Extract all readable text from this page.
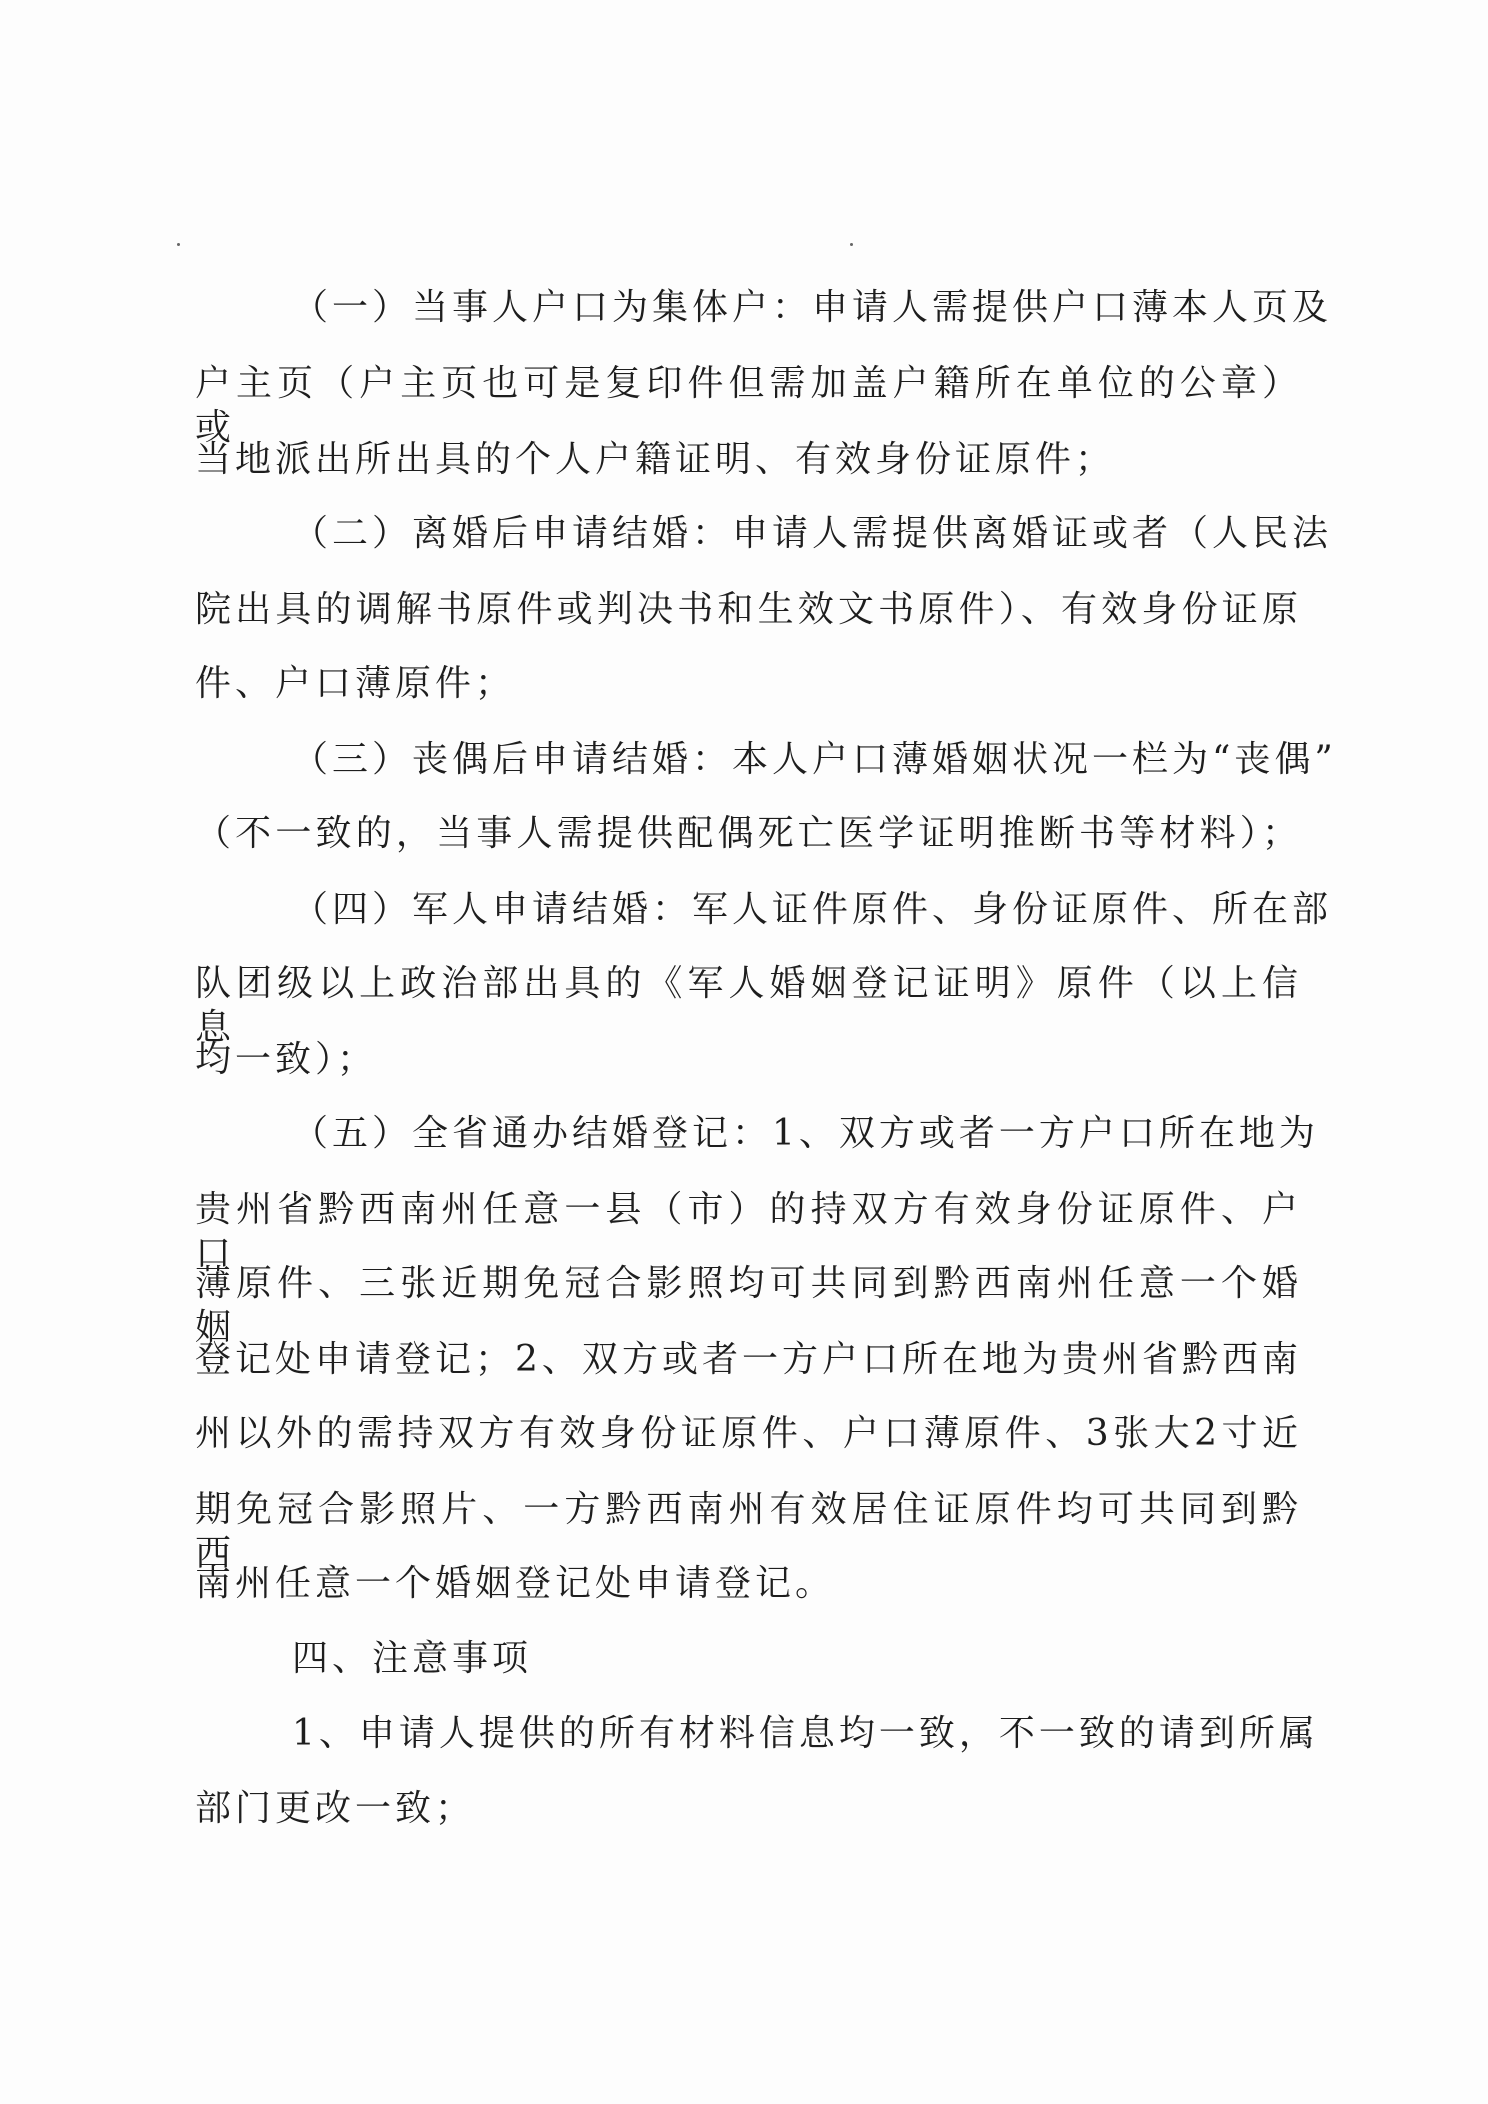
（一）当事人户口为集体户：申请人需提供户口薄本人页及
户主页（户主页也可是复印件但需加盖户籍所在单位的公章）或
当地派出所出具的个人户籍证明、有效身份证原件；
（二）离婚后申请结婚：申请人需提供离婚证或者（人民法
院出具的调解书原件或判决书和生效文书原件）、有效身份证原
件、户口薄原件；
（三）丧偶后申请结婚：本人户口薄婚姻状况一栏为“丧偶”
（不一致的，当事人需提供配偶死亡医学证明推断书等材料）；
（四）军人申请结婚：军人证件原件、身份证原件、所在部
队团级以上政治部出具的《军人婚姻登记证明》原件（以上信息
均一致）；
（五）全省通办结婚登记：1、双方或者一方户口所在地为
贵州省黔西南州任意一县（市）的持双方有效身份证原件、户口
薄原件、三张近期免冠合影照均可共同到黔西南州任意一个婚姻
登记处申请登记；2、双方或者一方户口所在地为贵州省黔西南
州以外的需持双方有效身份证原件、户口薄原件、3张大2寸近
期免冠合影照片、一方黔西南州有效居住证原件均可共同到黔西
南州任意一个婚姻登记处申请登记。
四、注意事项
1、申请人提供的所有材料信息均一致，不一致的请到所属
部门更改一致；
